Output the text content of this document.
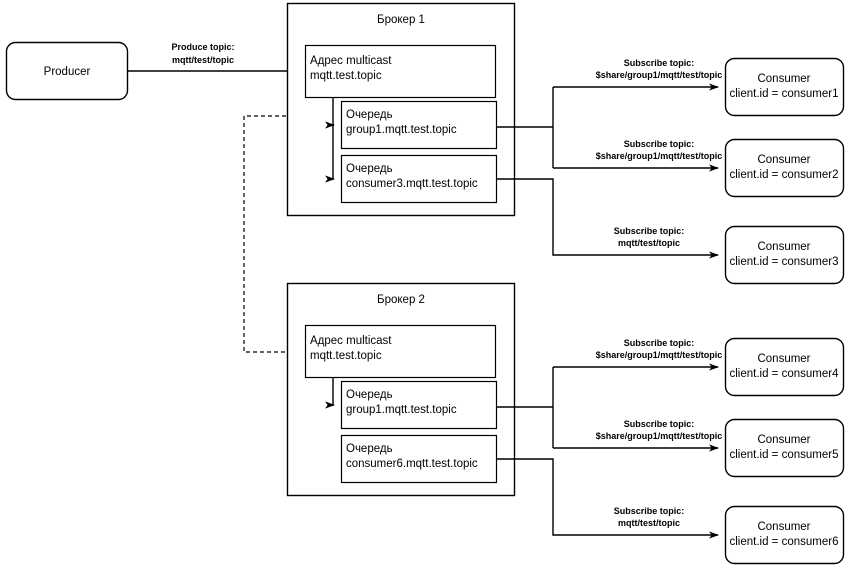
Producer
Produce topic:
mqtt/test/topic
Брокер 1
Адрес multicast
mqtt.test.topic
Очередь
group1.mqtt.test.topic
Очередь
consumer3.mqtt.test.topic
Брокер 2
Адрес multicast
mqtt.test.topic
Очередь
group1.mqtt.test.topic
Очередь
consumer6.mqtt.test.topic
Subscribe topic:
$share/group1/mqtt/test/topic
Subscribe topic:
$share/group1/mqtt/test/topic
Subscribe topic:
mqtt/test/topic
Subscribe topic:
$share/group1/mqtt/test/topic
Subscribe topic:
$share/group1/mqtt/test/topic
Subscribe topic:
mqtt/test/topic
Consumer
client.id = consumer1
Consumer
client.id = consumer2
Consumer
client.id = consumer3
Consumer
client.id = consumer4
Consumer
client.id = consumer5
Consumer
client.id = consumer6
